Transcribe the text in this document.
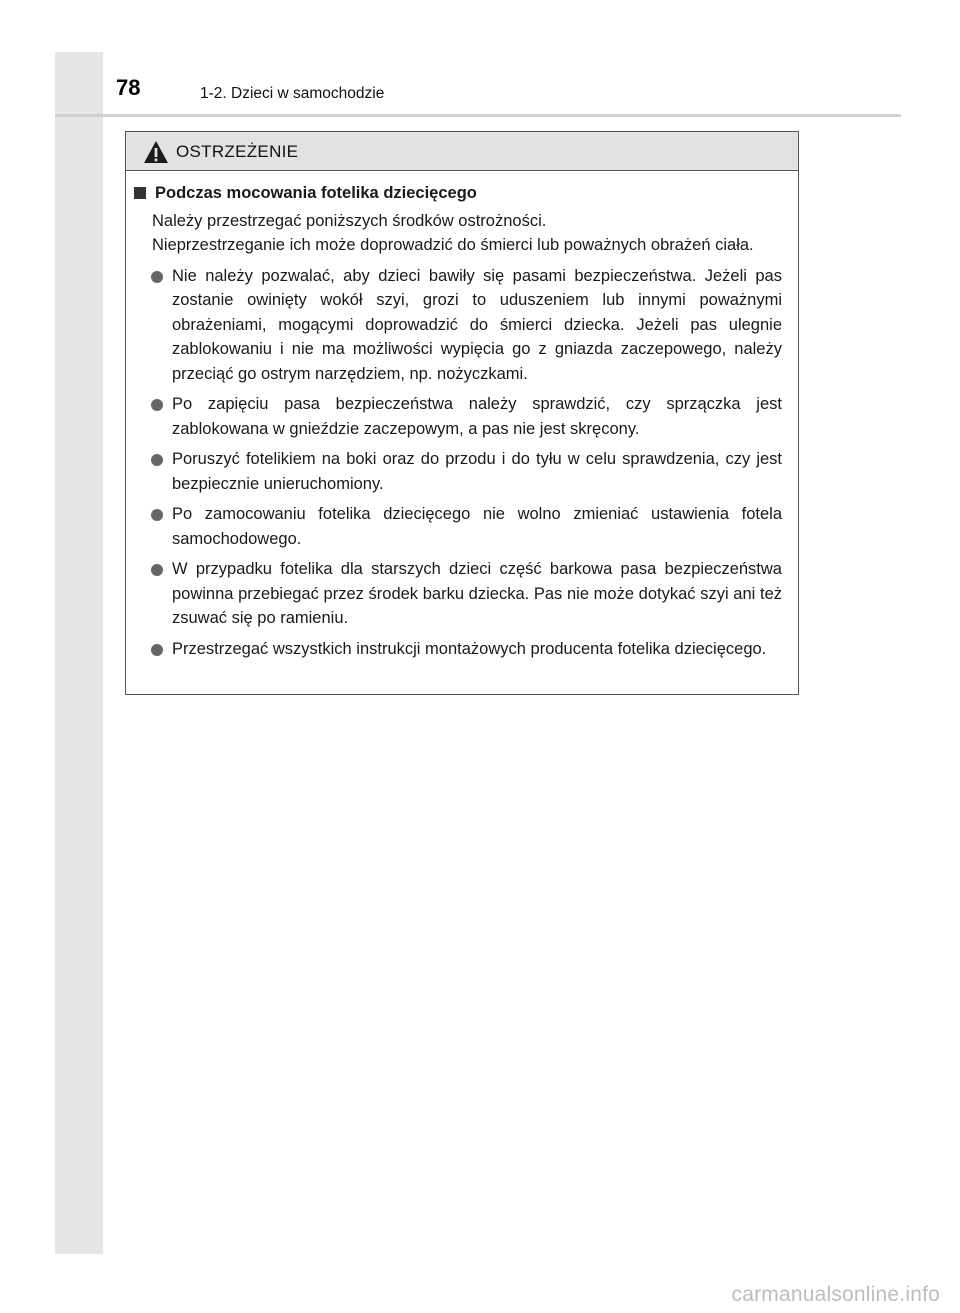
78	1-2. Dzieci w samochodzie
OSTRZEŻENIE
Podczas mocowania fotelika dziecięcego

Należy przestrzegać poniższych środków ostrożności.

Nieprzestrzeganie ich może doprowadzić do śmierci lub poważnych obrażeń ciała.

Nie należy pozwalać, aby dzieci bawiły się pasami bezpieczeństwa. Jeżeli pas zostanie owinięty wokół szyi, grozi to uduszeniem lub innymi poważnymi obrażeniami, mogącymi doprowadzić do śmierci dziecka. Jeżeli pas ulegnie zablokowaniu i nie ma możliwości wypięcia go z gniazda zaczepowego, należy przeciąć go ostrym narzędziem, np. nożyczkami.
Po zapięciu pasa bezpieczeństwa należy sprawdzić, czy sprzączka jest zablokowana w gnieździe zaczepowym, a pas nie jest skręcony.
Poruszyć fotelikiem na boki oraz do przodu i do tyłu w celu sprawdzenia, czy jest bezpiecznie unieruchomiony.
Po zamocowaniu fotelika dziecięcego nie wolno zmieniać ustawienia fotela samochodowego.
W przypadku fotelika dla starszych dzieci część barkowa pasa bezpieczeństwa powinna przebiegać przez środek barku dziecka. Pas nie może dotykać szyi ani też zsuwać się po ramieniu.
Przestrzegać wszystkich instrukcji montażowych producenta fotelika dziecięcego.
carmanualsonline.info
